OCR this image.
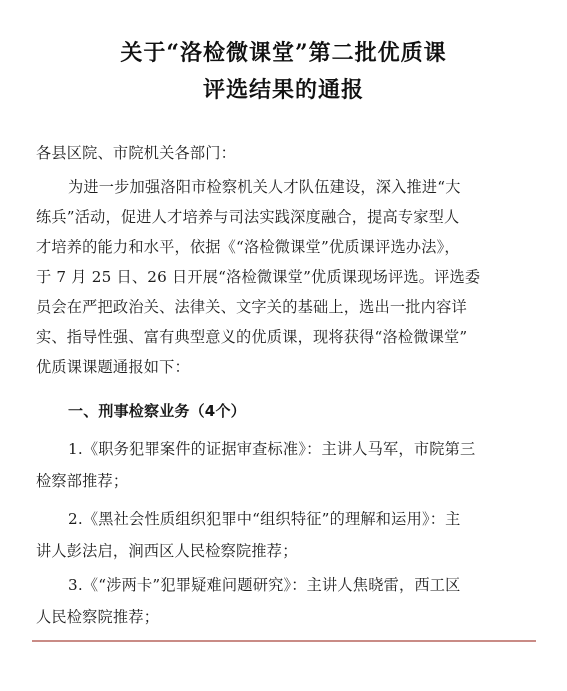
关于“洛检微课堂”第二批优质课
评选结果的通报
各县区院、市院机关各部门：
为进一步加强洛阳市检察机关人才队伍建设，深入推进“大
练兵”活动，促进人才培养与司法实践深度融合，提高专家型人
才培养的能力和水平，依据《“洛检微课堂”优质课评选办法》，
于 7 月 25 日、26 日开展“洛检微课堂”优质课现场评选。评选委
员会在严把政治关、法律关、文字关的基础上，选出一批内容详
实、指导性强、富有典型意义的优质课，现将获得“洛检微课堂”
优质课课题通报如下：
一、刑事检察业务（4个）
1.《职务犯罪案件的证据审查标准》：主讲人马军，市院第三
检察部推荐；
2.《黑社会性质组织犯罪中“组织特征”的理解和运用》：主
讲人彭法启，涧西区人民检察院推荐；
3.《“涉两卡”犯罪疑难问题研究》：主讲人焦晓雷，西工区
人民检察院推荐；
